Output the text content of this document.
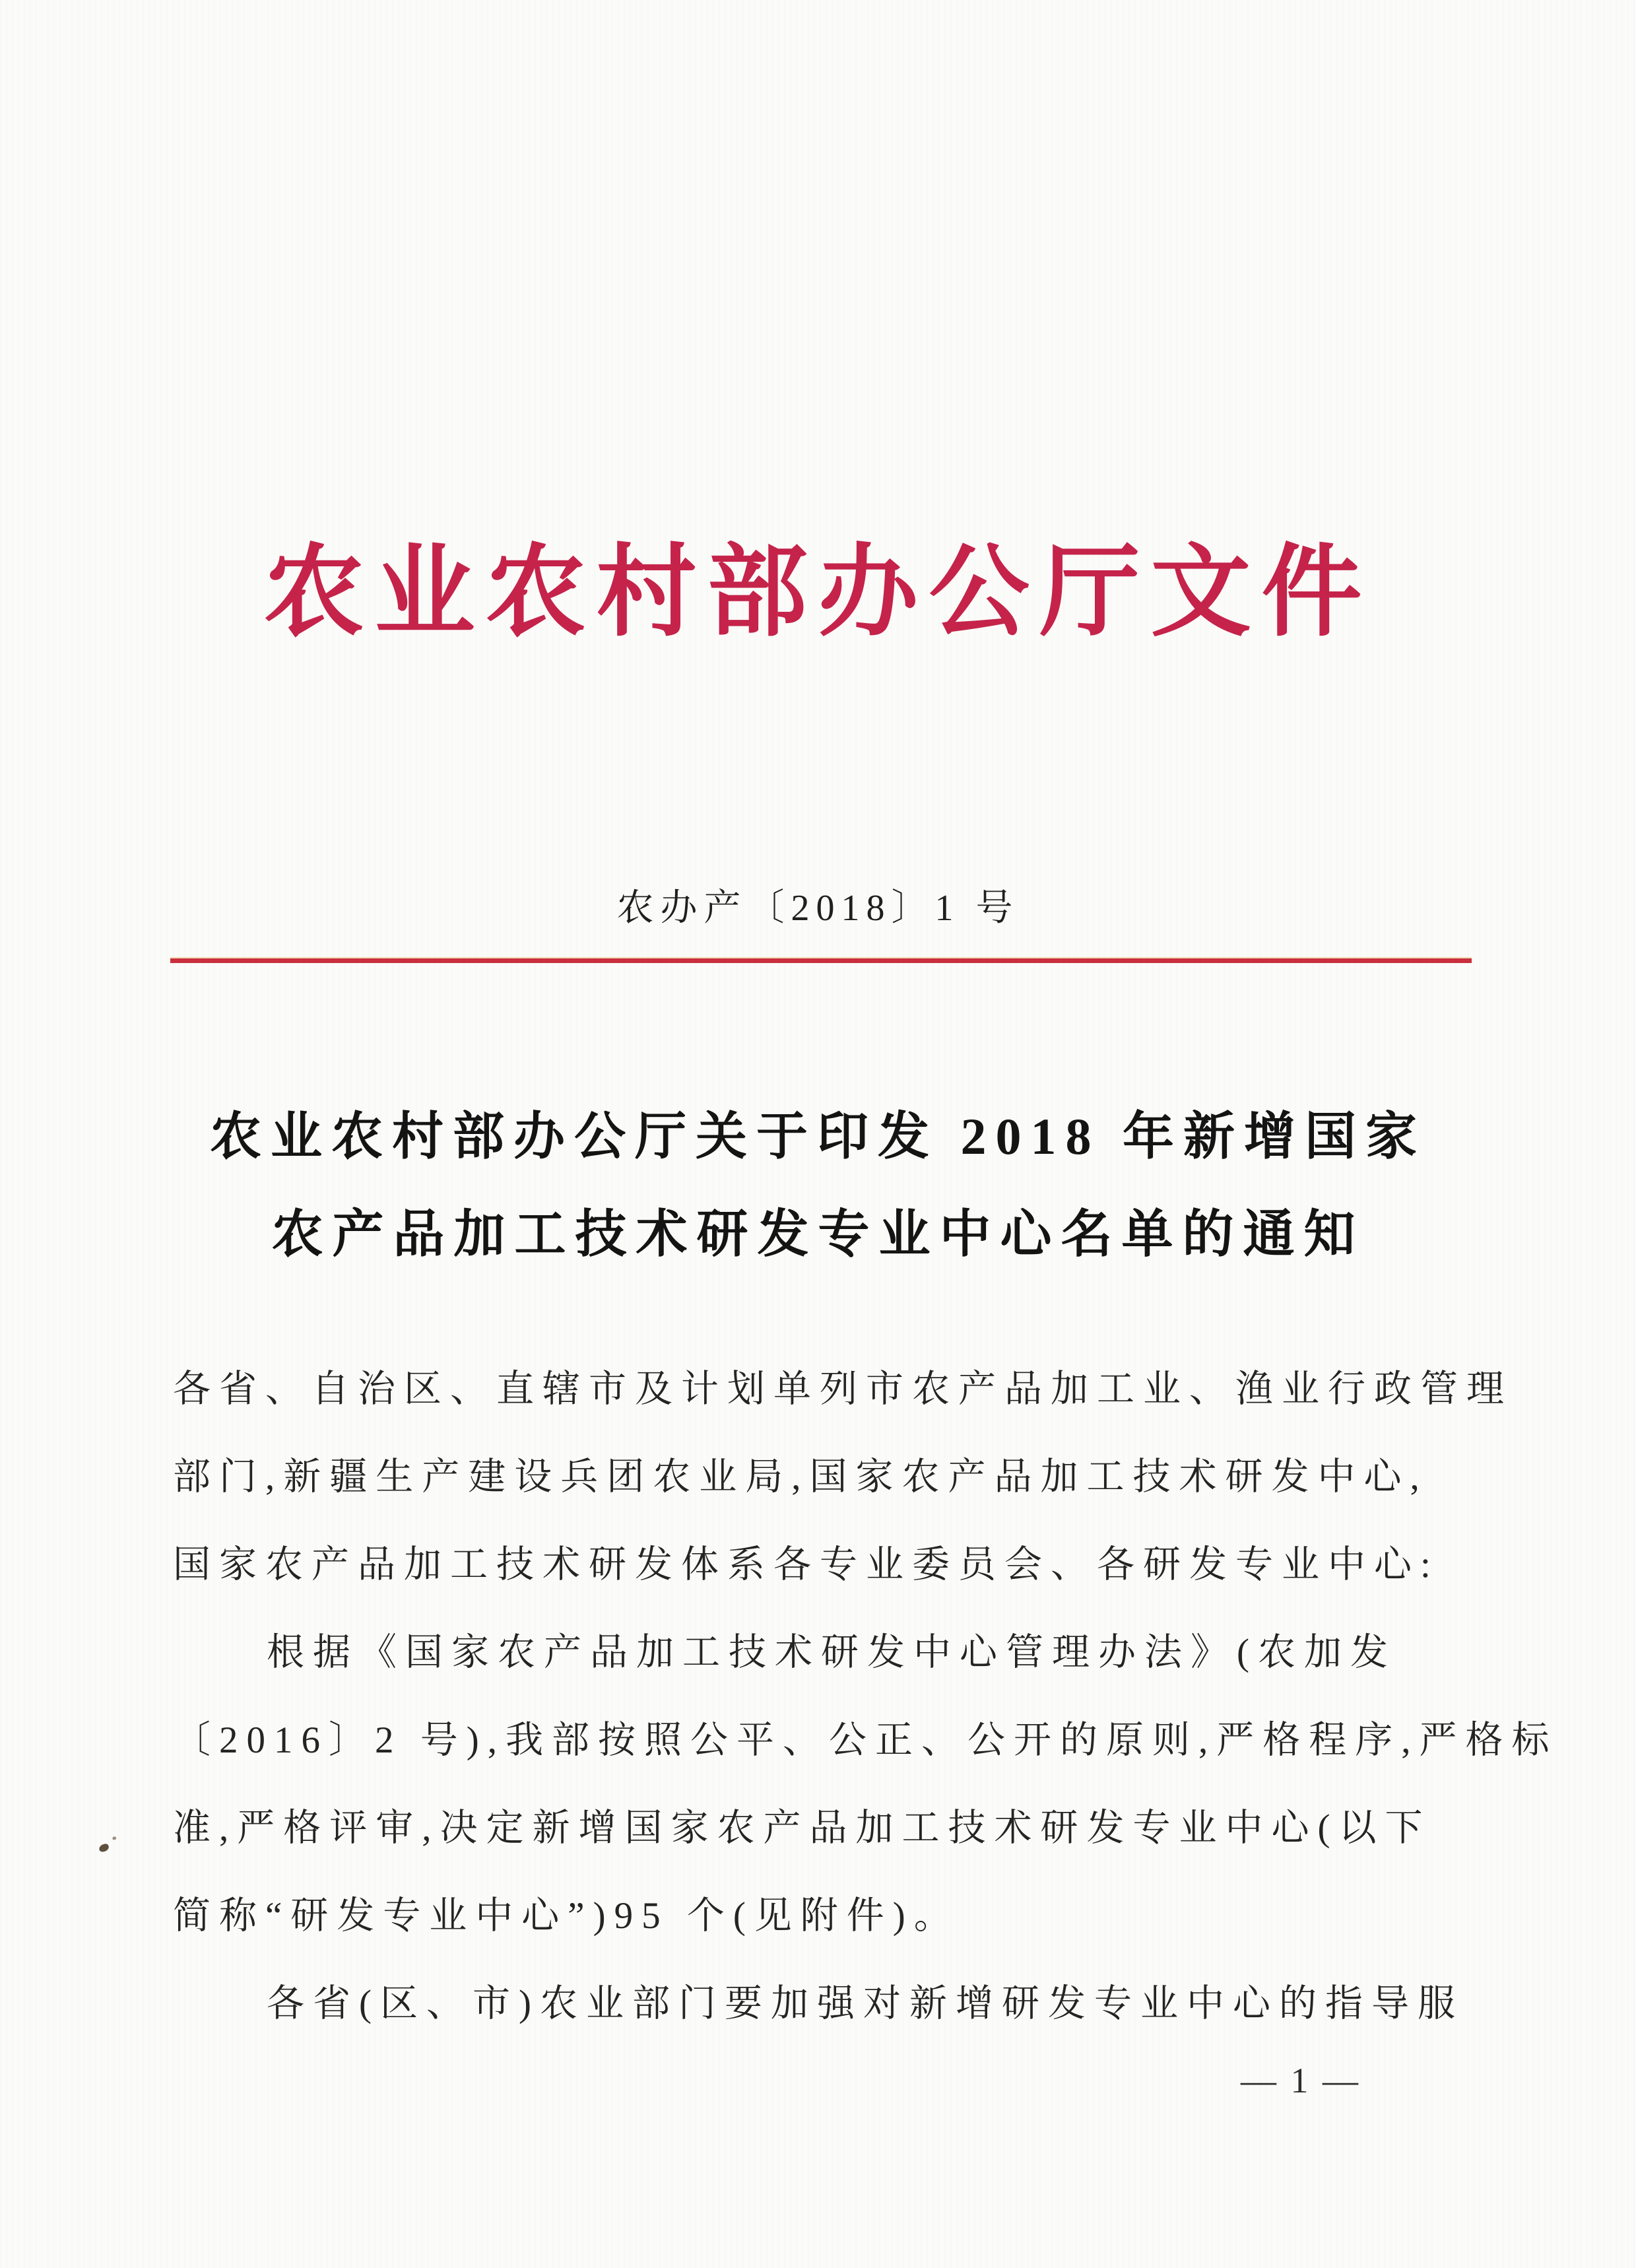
农业农村部办公厅文件
农办产〔2018〕1 号
农业农村部办公厅关于印发 2018 年新增国家
农产品加工技术研发专业中心名单的通知
各省、自治区、直辖市及计划单列市农产品加工业、渔业行政管理
部门,新疆生产建设兵团农业局,国家农产品加工技术研发中心,
国家农产品加工技术研发体系各专业委员会、各研发专业中心:
根据《国家农产品加工技术研发中心管理办法》(农加发
〔2016〕2 号),我部按照公平、公正、公开的原则,严格程序,严格标
准,严格评审,决定新增国家农产品加工技术研发专业中心(以下
简称“研发专业中心”)95 个(见附件)。
各省(区、市)农业部门要加强对新增研发专业中心的指导服
— 1 —
